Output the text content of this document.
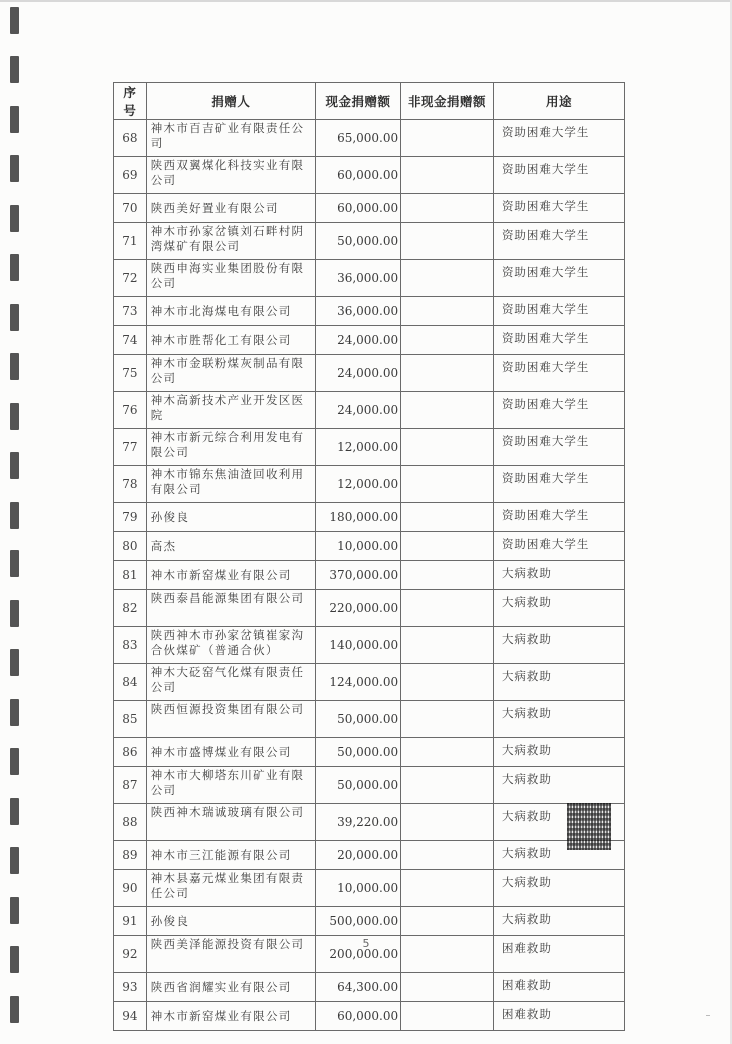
序号	捐赠人	现金捐赠额	非现金捐赠额	用途
68	神木市百吉矿业有限责任公司	65,000.00		资助困难大学生
69	陕西双翼煤化科技实业有限公司	60,000.00		资助困难大学生
70	陕西美好置业有限公司	60,000.00		资助困难大学生
71	神木市孙家岔镇刘石畔村阴湾煤矿有限公司	50,000.00		资助困难大学生
72	陕西申海实业集团股份有限公司	36,000.00		资助困难大学生
73	神木市北海煤电有限公司	36,000.00		资助困难大学生
74	神木市胜帮化工有限公司	24,000.00		资助困难大学生
75	神木市金联粉煤灰制品有限公司	24,000.00		资助困难大学生
76	神木高新技术产业开发区医院	24,000.00		资助困难大学生
77	神木市新元综合利用发电有限公司	12,000.00		资助困难大学生
78	神木市锦东焦油渣回收利用有限公司	12,000.00		资助困难大学生
79	孙俊良	180,000.00		资助困难大学生
80	高杰	10,000.00		资助困难大学生
81	神木市新窑煤业有限公司	370,000.00		大病救助
82	陕西泰昌能源集团有限公司	220,000.00		大病救助
83	陕西神木市孙家岔镇崔家沟合伙煤矿（普通合伙）	140,000.00		大病救助
84	神木大砭窑气化煤有限责任公司	124,000.00		大病救助
85	陕西恒源投资集团有限公司	50,000.00		大病救助
86	神木市盛博煤业有限公司	50,000.00		大病救助
87	神木市大柳塔东川矿业有限公司	50,000.00		大病救助
88	陕西神木瑞诚玻璃有限公司	39,220.00		大病救助
89	神木市三江能源有限公司	20,000.00		大病救助
90	神木县嘉元煤业集团有限责任公司	10,000.00		大病救助
91	孙俊良	500,000.00		大病救助
92	陕西美泽能源投资有限公司	200,000.00		困难救助
93	陕西省润耀实业有限公司	64,300.00		困难救助
94	神木市新窑煤业有限公司	60,000.00		困难救助
5
